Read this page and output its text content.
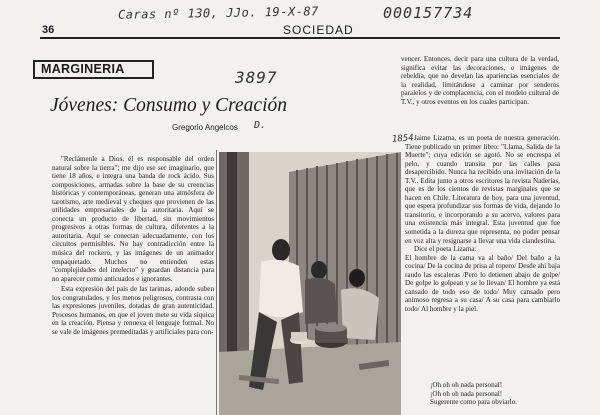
Caras nº 130, JJo. 19-X-87	000157734
36	SOCIEDAD
MARGINERIA	3897
1854
Jóvenes: Consumo y Creación
Gregorio Angelcos D.

"Reclámenle a Dios, él es responsable del orden natural sobre la tierra"; me dijo ese ser imaginario, que tiene 18 años, e integra una banda de rock ácido. Sus composiciones, armadas sobre la base de su creencias históricas y contemporáneas, generan una atmósfera de tarotismo, arte medieval y cheques que provienen de las utilidades empresariales de la autoritaria. Aquí se conecta un producto de libertad, sin movimientos progresivos a otras formas de cultura, diferentes a la autoritaria. Aquí se conectan adecuadamente, con los circuitos permisibles. No hay contradicción entre la música del rockero, y las imágenes de un animador empaquetado. Muchos no entienden estas "complejidades del intelecto" y guardan distancia para no aparecer como anticuados e ignorantes.

Esta expresión del país de las tarimas, adonde suben los congratulados, y los menos peligrosos, contrasta con las expresiones juveniles, dotadas de gran autenticidad. Procesos humanos, en que el joven mete su vida síquica en la creación. Piensa y renueva el lenguaje formal. No se vale de imágenes premeditadas y artificiales para con-

vencer. Entonces, decir para una cultura de la verdad, significa evitar las decoraciones, e imágenes de rebeldía, que no develan las apariencias esenciales de la realidad, limitándose a caminar por senderos paralelos y de complacencia, con el modelo cultural de T.V., y otros eventos en los cuales participan.

Jaime Lizama, es un poeta de nuestra generación. Tiene publicado un primer libro: "Llama, Salida de la Muerte"; cuya edición se agotó. No se encrespa el pelo, y cuando transita por las calles pasa desapercibido. Nunca ha recibido una invitación de la T.V.. Edita junto a otros escritores la revista Naderías, que es de los cientos de revistas marginales que se hacen en Chile. Literatura de hoy, para una juventud, que espera profundizar sus formas de vida, dejando lo transitorio, e incorporando a su acervo, valores para una existencia más integral. Esta juventud que fue sometida a la dureza que representa, no poder pensar en voz alta y resignarse a llevar una vida clandestina.

Dice el poeta Lizama:

El hombre de la cama va al baño/ Del baño a la cocina/ De la cocina de prisa al ropero/ Desde ahí baja raudo las escaleras /Pero lo detienen abajo de golpe/ De golpe lo golpean y se lo llevan/ El hombre ya está cansado de todo eso de todo/ Muy cansado pero animoso regresa a su casa/ A su casa para cambiarlo todo/ Al hombre y la piel.

¡Oh oh oh nada personal!

¡Oh oh oh nada personal!

Sugerente como para obviarlo.
